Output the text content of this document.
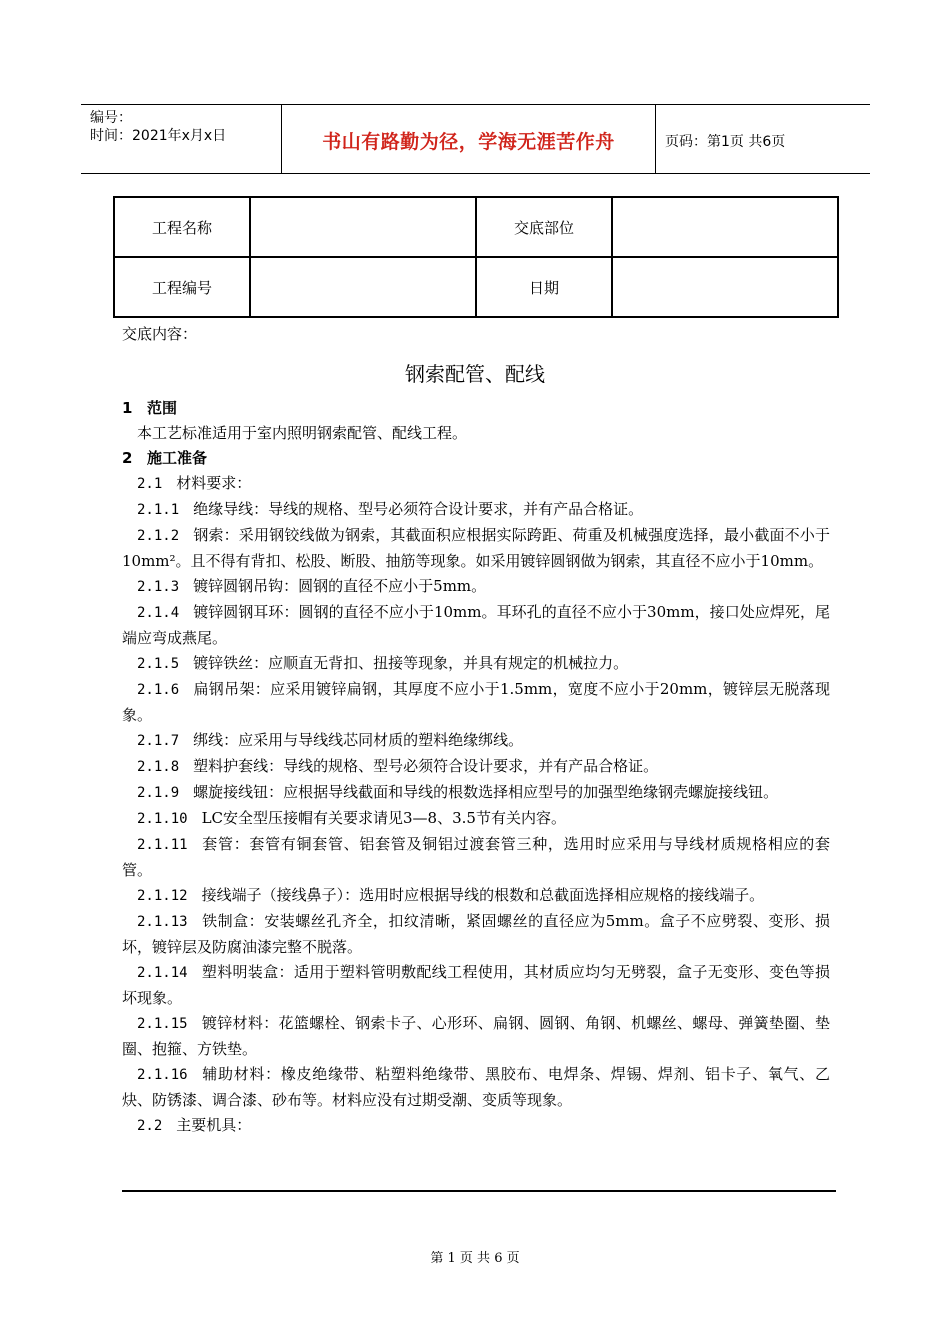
编号：
时间：2021年x月x日	书山有路勤为径，学海无涯苦作舟	页码：第1页 共6页
工程名称		交底部位	
工程编号		日期	
交底内容：
钢索配管、配线

1 范围

本工艺标准适用于室内照明钢索配管、配线工程。

2 施工准备

2.1 材料要求：

2.1.1 绝缘导线：导线的规格、型号必须符合设计要求，并有产品合格证。

2.1.2 钢索：采用钢铰线做为钢索，其截面积应根据实际跨距、荷重及机械强度选择，最小截面不小于10mm²。且不得有背扣、松股、断股、抽筋等现象。如采用镀锌圆钢做为钢索，其直径不应小于10mm。

2.1.3 镀锌圆钢吊钩：圆钢的直径不应小于5mm。

2.1.4 镀锌圆钢耳环：圆钢的直径不应小于10mm。耳环孔的直径不应小于30mm，接口处应焊死，尾端应弯成燕尾。

2.1.5 镀锌铁丝：应顺直无背扣、扭接等现象，并具有规定的机械拉力。

2.1.6 扁钢吊架：应采用镀锌扁钢，其厚度不应小于1.5mm，宽度不应小于20mm，镀锌层无脱落现象。

2.1.7 绑线：应采用与导线线芯同材质的塑料绝缘绑线。

2.1.8 塑料护套线：导线的规格、型号必须符合设计要求，并有产品合格证。

2.1.9 螺旋接线钮：应根据导线截面和导线的根数选择相应型号的加强型绝缘钢壳螺旋接线钮。

2.1.10 LC安全型压接帽有关要求请见3—8、3.5节有关内容。

2.1.11 套管：套管有铜套管、铝套管及铜铝过渡套管三种，选用时应采用与导线材质规格相应的套管。

2.1.12 接线端子（接线鼻子）：选用时应根据导线的根数和总截面选择相应规格的接线端子。

2.1.13 铁制盒：安装螺丝孔齐全，扣纹清晰，紧固螺丝的直径应为5mm。盒子不应劈裂、变形、损坏，镀锌层及防腐油漆完整不脱落。

2.1.14 塑料明装盒：适用于塑料管明敷配线工程使用，其材质应均匀无劈裂，盒子无变形、变色等损坏现象。

2.1.15 镀锌材料：花篮螺栓、钢索卡子、心形环、扁钢、圆钢、角钢、机螺丝、螺母、弹簧垫圈、垫圈、抱箍、方铁垫。

2.1.16 辅助材料：橡皮绝缘带、粘塑料绝缘带、黑胶布、电焊条、焊锡、焊剂、铝卡子、氧气、乙炔、防锈漆、调合漆、砂布等。材料应没有过期受潮、变质等现象。

2.2 主要机具：

第 1 页 共 6 页
